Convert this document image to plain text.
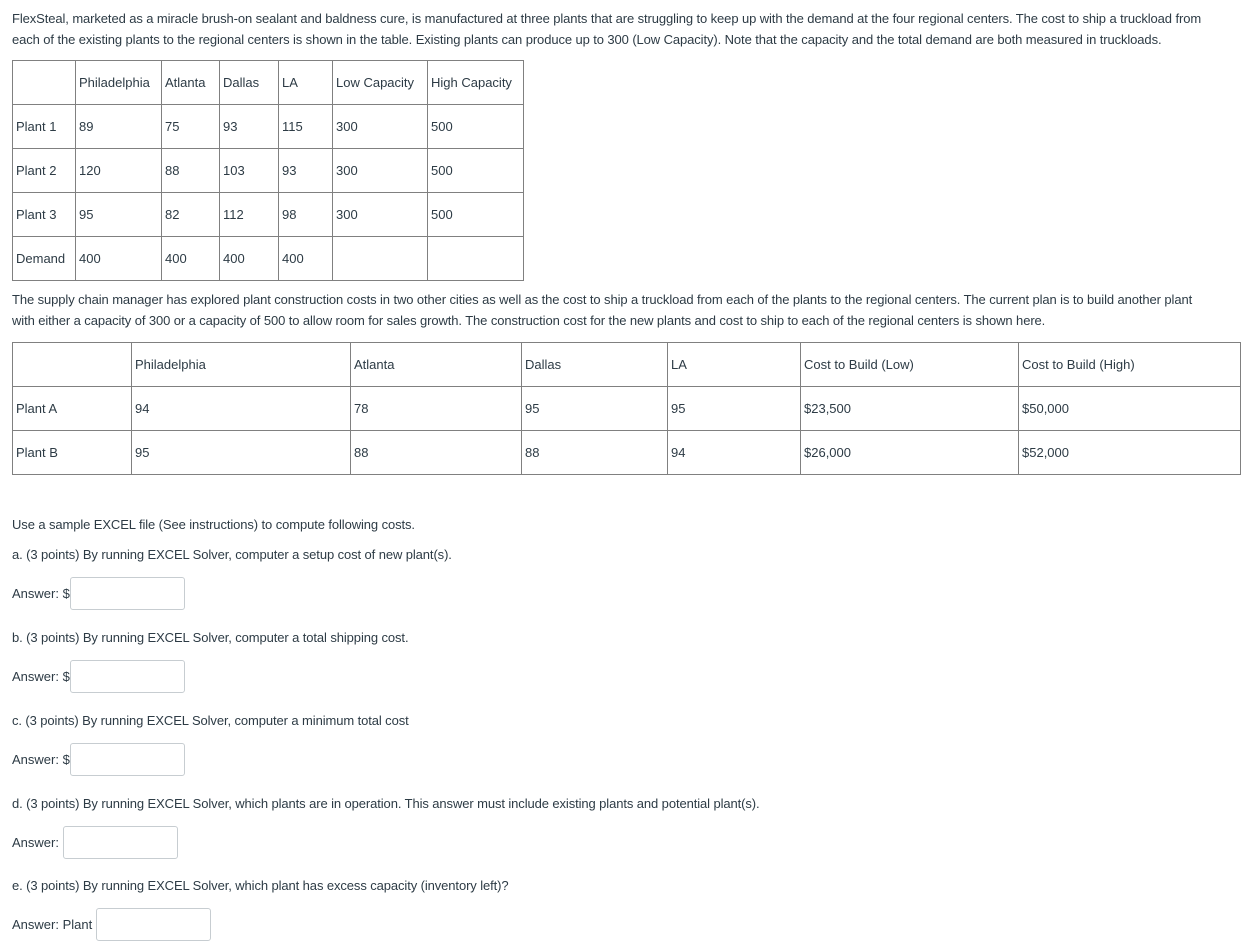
FlexSteal, marketed as a miracle brush-on sealant and baldness cure, is manufactured at three plants that are struggling to keep up with the demand at the four regional centers. The cost to ship a truckload from

each of the existing plants to the regional centers is shown in the table. Existing plants can produce up to 300 (Low Capacity). Note that the capacity and the total demand are both measured in truckloads.

	Philadelphia	Atlanta	Dallas	LA	Low Capacity	High Capacity
Plant 1	89	75	93	115	300	500
Plant 2	120	88	103	93	300	500
Plant 3	95	82	112	98	300	500
Demand	400	400	400	400		

The supply chain manager has explored plant construction costs in two other cities as well as the cost to ship a truckload from each of the plants to the regional centers. The current plan is to build another plant

with either a capacity of 300 or a capacity of 500 to allow room for sales growth. The construction cost for the new plants and cost to ship to each of the regional centers is shown here.

	Philadelphia	Atlanta	Dallas	LA	Cost to Build (Low)	Cost to Build (High)
Plant A	94	78	95	95	$23,500	$50,000
Plant B	95	88	88	94	$26,000	$52,000

Use a sample EXCEL file (See instructions) to compute following costs.

a. (3 points) By running EXCEL Solver, computer a setup cost of new plant(s).

Answer: $

b. (3 points) By running EXCEL Solver, computer a total shipping cost.

Answer: $

c. (3 points) By running EXCEL Solver, computer a minimum total cost

Answer: $

d. (3 points) By running EXCEL Solver, which plants are in operation. This answer must include existing plants and potential plant(s).

Answer:

e. (3 points) By running EXCEL Solver, which plant has excess capacity (inventory left)?

Answer: Plant
